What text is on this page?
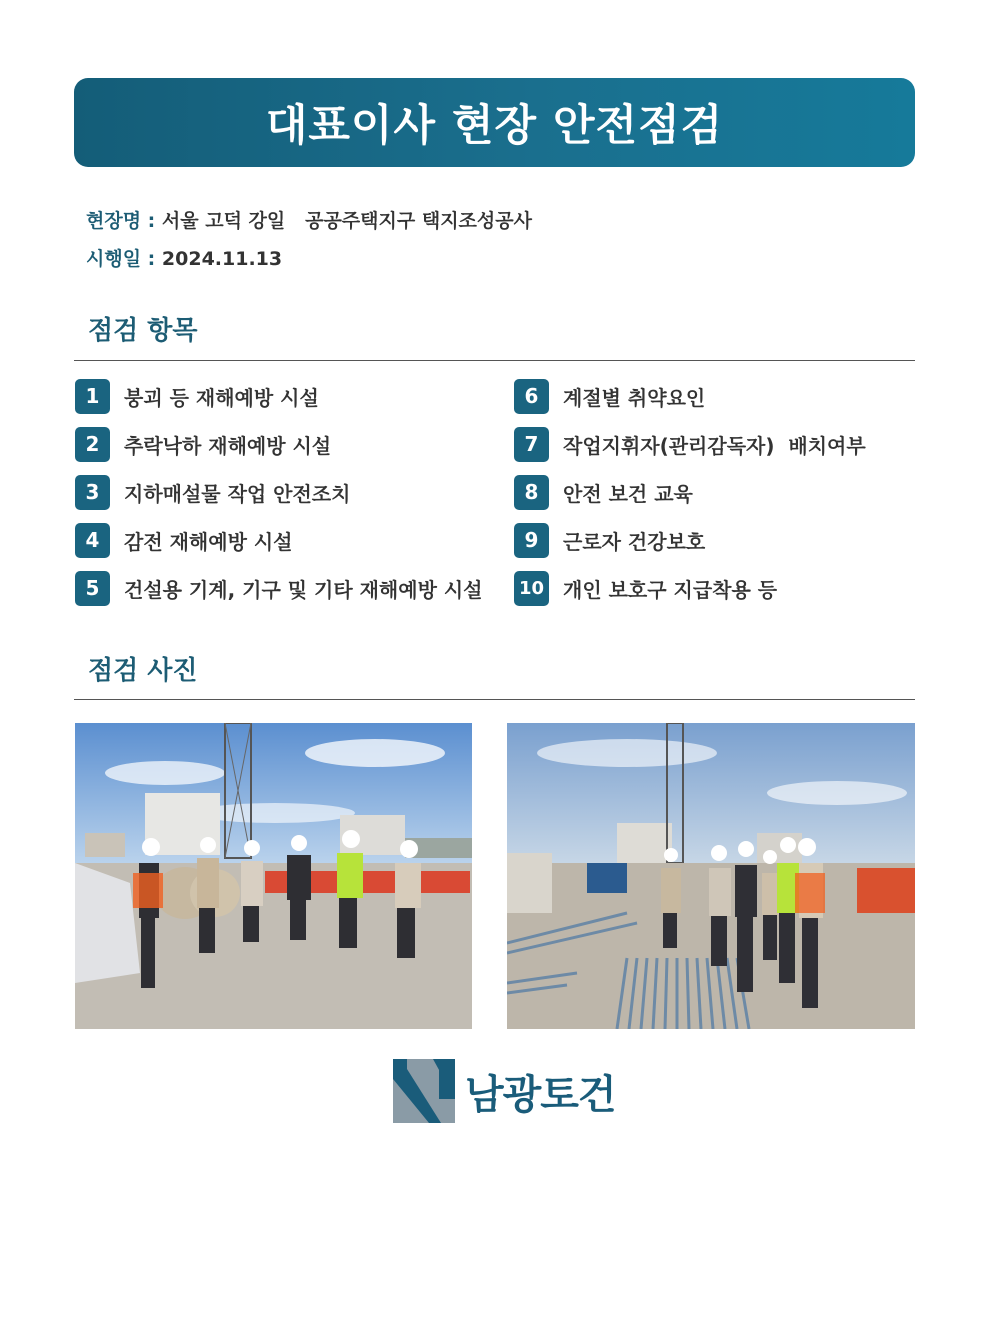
대표이사 현장 안전점검
현장명 : 서울 고덕 강일   공공주택지구 택지조성공사
시행일 : 2024.11.13
점검 항목
1	붕괴 등 재해예방 시설
2	추락낙하 재해예방 시설
3	지하매설물 작업 안전조치
4	감전 재해예방 시설
5	건설용 기계, 기구 및 기타 재해예방 시설
6	계절별 취약요인
7	작업지휘자(관리감독자)  배치여부
8	안전 보건 교육
9	근로자 건강보호
10 개인 보호구 지급착용 등
점검 사진
남광토건
